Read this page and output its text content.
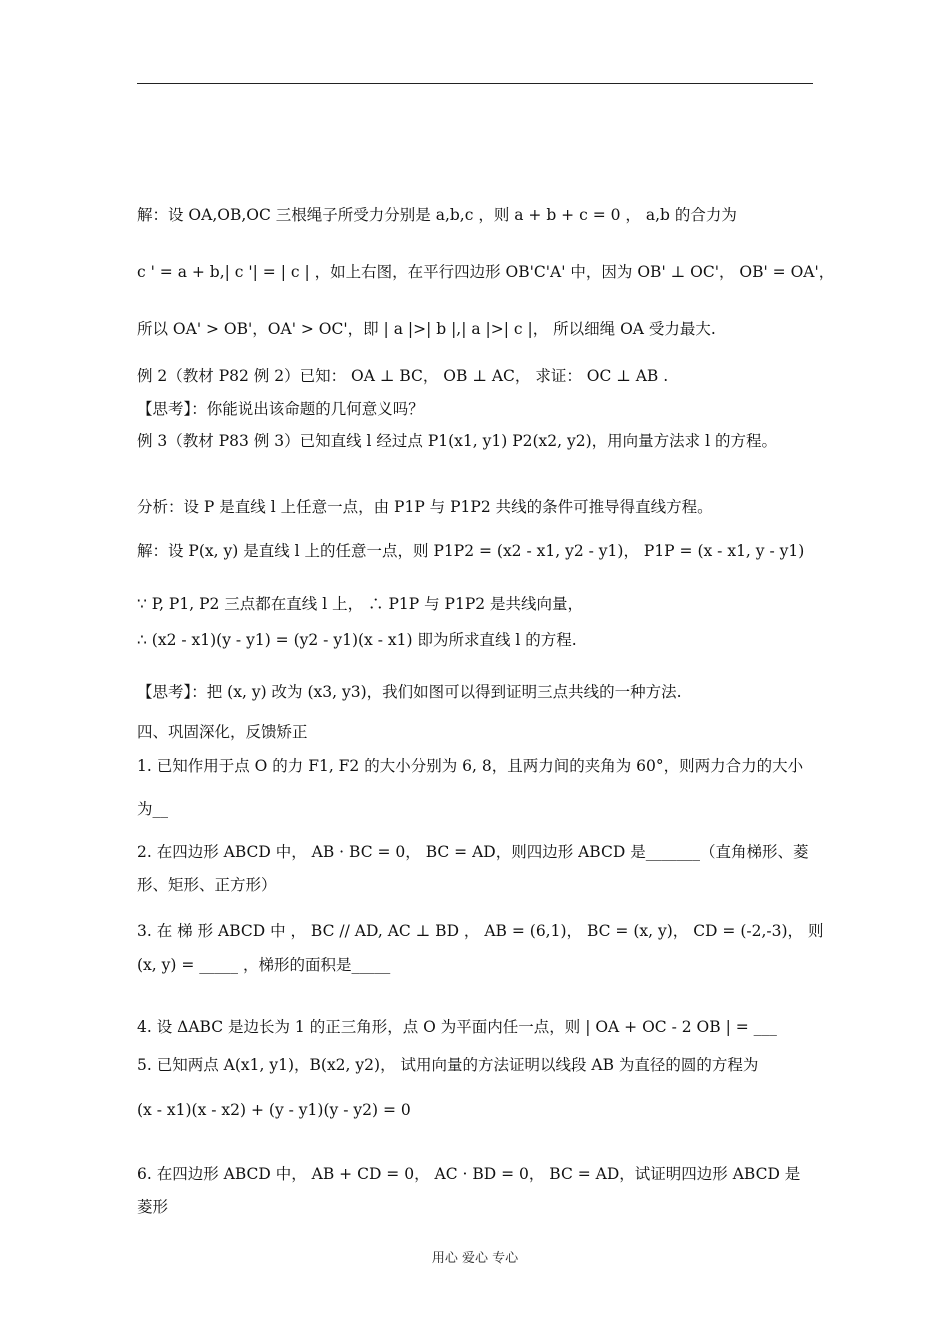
解：设 OA,OB,OC 三根绳子所受力分别是 a,b,c ，则 a + b + c = 0 ， a,b 的合力为
c ' = a + b,| c '| = | c | ，如上右图，在平行四边形 OB'C'A' 中，因为 OB' ⊥ OC'， OB' = OA'，
所以 OA' > OB'，OA' > OC'，即 | a |>| b |,| a |>| c |， 所以细绳 OA 受力最大.
例 2（教材 P82 例 2）已知： OA ⊥ BC， OB ⊥ AC， 求证： OC ⊥ AB .
【思考】：你能说出该命题的几何意义吗？
例 3（教材 P83 例 3）已知直线 l 经过点 P1(x1, y1) P2(x2, y2)，用向量方法求 l 的方程。
分析：设 P 是直线 l 上任意一点，由 P1P 与 P1P2 共线的条件可推导得直线方程。
解：设 P(x, y) 是直线 l 上的任意一点，则 P1P2 = (x2 - x1, y2 - y1)， P1P = (x - x1, y - y1)
∵ P, P1, P2 三点都在直线 l 上， ∴ P1P 与 P1P2 是共线向量，
∴ (x2 - x1)(y - y1) = (y2 - y1)(x - x1) 即为所求直线 l 的方程.
【思考】：把 (x, y) 改为 (x3, y3)，我们如图可以得到证明三点共线的一种方法.
四、巩固深化，反馈矫正
1. 已知作用于点 O 的力 F1, F2 的大小分别为 6, 8，且两力间的夹角为 60°，则两力合力的大小
为__
2. 在四边形 ABCD 中， AB · BC = 0， BC = AD，则四边形 ABCD 是_______（直角梯形、菱
形、矩形、正方形）
3. 在 梯 形 ABCD 中 ， BC // AD, AC ⊥ BD ， AB = (6,1)， BC = (x, y)， CD = (-2,-3)， 则
(x, y) = _____ ，梯形的面积是_____
4. 设 ΔABC 是边长为 1 的正三角形，点 O 为平面内任一点，则 | OA + OC - 2 OB | = ___
5. 已知两点 A(x1, y1)，B(x2, y2)， 试用向量的方法证明以线段 AB 为直径的圆的方程为
(x - x1)(x - x2) + (y - y1)(y - y2) = 0
6. 在四边形 ABCD 中， AB + CD = 0， AC · BD = 0， BC = AD，试证明四边形 ABCD 是
菱形
用心 爱心 专心
